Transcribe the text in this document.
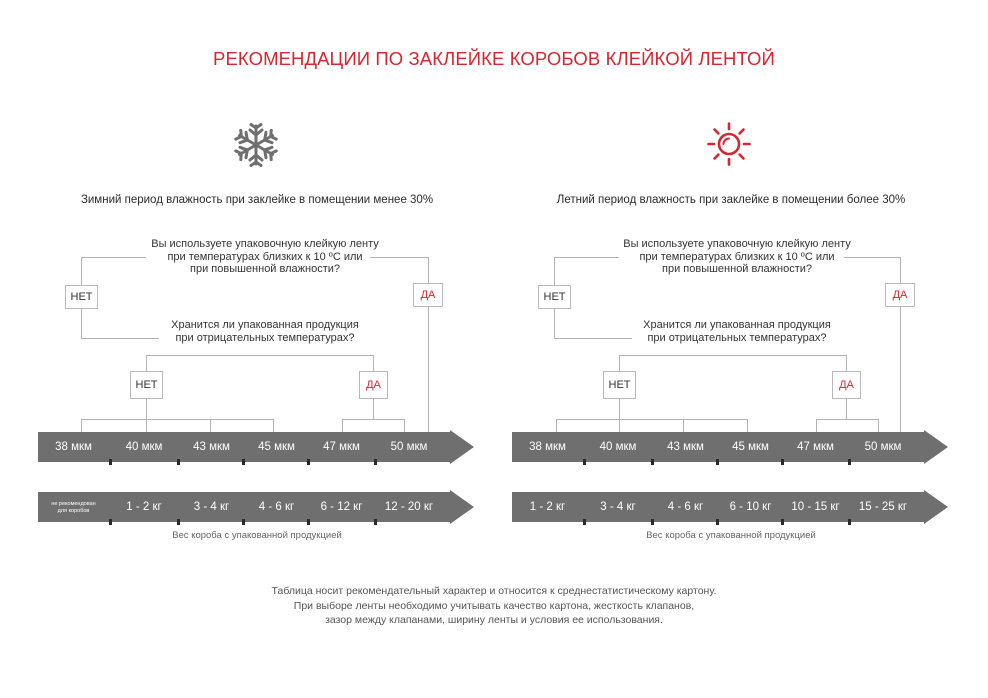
РЕКОМЕНДАЦИИ ПО ЗАКЛЕЙКЕ КОРОБОВ КЛЕЙКОЙ ЛЕНТОЙ
Зимний период влажность при заклейке в помещении менее 30%
Вы используете упаковочную клейкую ленту
при температурах близких к 10 ºС или
при повышенной влажности?
Хранится ли упакованная продукция
при отрицательных температурах?
НЕТ	ДА
НЕТ	ДА
38 мкм	40 мкм	43 мкм	45 мкм	47 мкм	50 мкм
не рекомендован
для коробов	1 - 2 кг	3 - 4 кг	4 - 6 кг	6 - 12 кг	12 - 20 кг
Вес короба с упакованной продукцией
Летний период влажность при заклейке в помещении более 30%
Вы используете упаковочную клейкую ленту
при температурах близких к 10 ºС или
при повышенной влажности?
Хранится ли упакованная продукция
при отрицательных температурах?
НЕТ	ДА
НЕТ	ДА
38 мкм	40 мкм	43 мкм	45 мкм	47 мкм	50 мкм
1 - 2 кг	3 - 4 кг	4 - 6 кг	6 - 10 кг	10 - 15 кг	15 - 25 кг
Вес короба с упакованной продукцией
Таблица носит рекомендательный характер и относится к среднестатистическому картону.
При выборе ленты необходимо учитывать качество картона, жесткость клапанов,
зазор между клапанами, ширину ленты и условия ее использования.
